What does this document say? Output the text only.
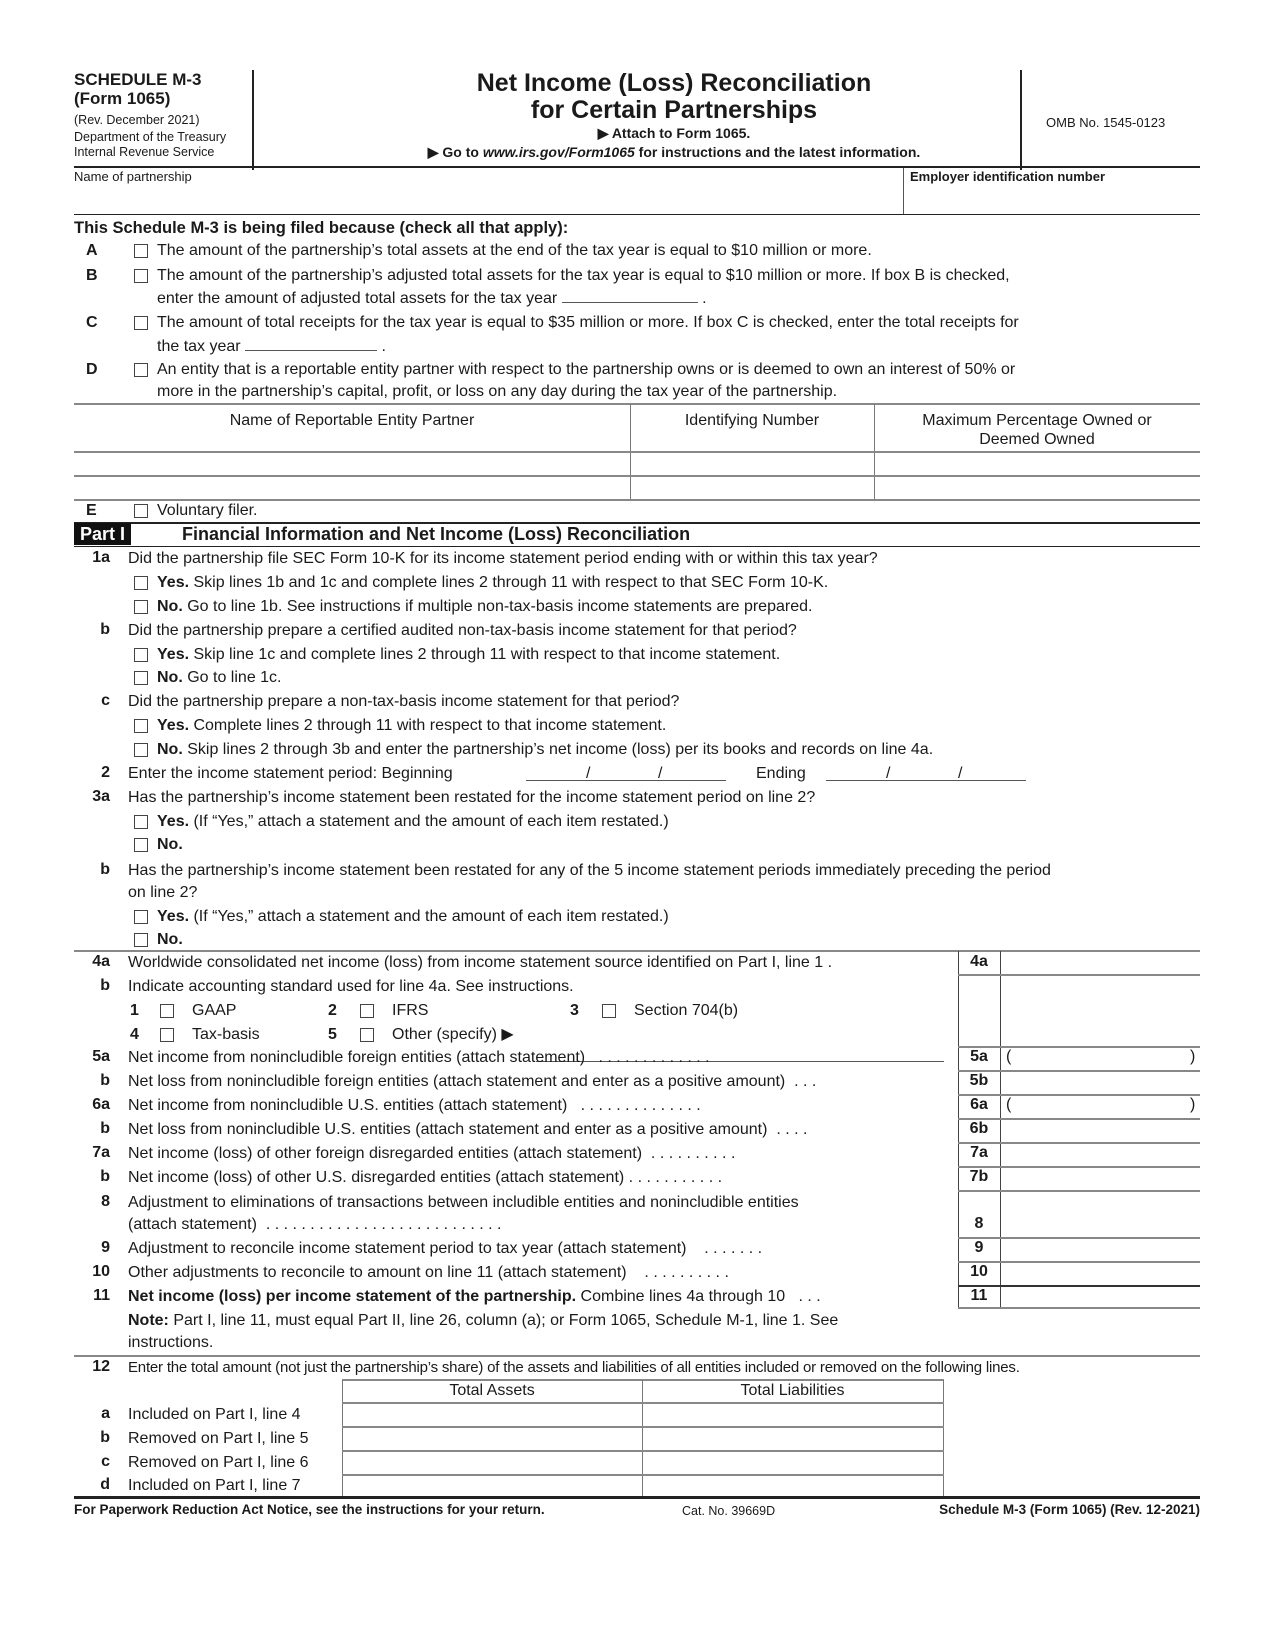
SCHEDULE M-3
(Form 1065)
(Rev. December 2021)
Department of the Treasury
Internal Revenue Service
Net Income (Loss) Reconciliation
for Certain Partnerships
▶ Attach to Form 1065.
▶ Go to www.irs.gov/Form1065 for instructions and the latest information.
OMB No. 1545-0123
Name of partnership	Employer identification number
This Schedule M-3 is being filed because (check all that apply):
A	The amount of the partnership’s total assets at the end of the tax year is equal to $10 million or more.
B	The amount of the partnership’s adjusted total assets for the tax year is equal to $10 million or more. If box B is checked,
enter the amount of adjusted total assets for the tax year	.
C	The amount of total receipts for the tax year is equal to $35 million or more. If box C is checked, enter the total receipts for
the tax year	.
D	An entity that is a reportable entity partner with respect to the partnership owns or is deemed to own an interest of 50% or
more in the partnership’s capital, profit, or loss on any day during the tax year of the partnership.
Name of Reportable Entity Partner	Identifying Number	Maximum Percentage Owned or
Deemed Owned
E	Voluntary filer.
Part I	Financial Information and Net Income (Loss) Reconciliation
1a Did the partnership file SEC Form 10-K for its income statement period ending with or within this tax year?
Yes. Skip lines 1b and 1c and complete lines 2 through 11 with respect to that SEC Form 10-K.
No. Go to line 1b. See instructions if multiple non-tax-basis income statements are prepared.
b Did the partnership prepare a certified audited non-tax-basis income statement for that period?
Yes. Skip line 1c and complete lines 2 through 11 with respect to that income statement.
No. Go to line 1c.
c Did the partnership prepare a non-tax-basis income statement for that period?
Yes. Complete lines 2 through 11 with respect to that income statement.
No. Skip lines 2 through 3b and enter the partnership’s net income (loss) per its books and records on line 4a.
2 Enter the income statement period: Beginning	/	/	Ending	/	/
3a Has the partnership’s income statement been restated for the income statement period on line 2?
Yes. (If “Yes,” attach a statement and the amount of each item restated.)
No.
b Has the partnership’s income statement been restated for any of the 5 income statement periods immediately preceding the period
on line 2?
Yes. (If “Yes,” attach a statement and the amount of each item restated.)
No.
4a Worldwide consolidated net income (loss) from income statement source identified on Part I, line 1 .	4a
b Indicate accounting standard used for line 4a. See instructions.
1	GAAP	2	IFRS	3	Section 704(b)
4	Tax-basis	5	Other (specify) ▶
5a Net income from nonincludible foreign entities (attach statement) . . . . . . . . . . . . .	5a	(	)
b Net loss from nonincludible foreign entities (attach statement and enter as a positive amount) . . .	5b
6a Net income from nonincludible U.S. entities (attach statement) . . . . . . . . . . . . . .	6a	(	)
b Net loss from nonincludible U.S. entities (attach statement and enter as a positive amount) . . . .	6b
7a Net income (loss) of other foreign disregarded entities (attach statement) . . . . . . . . . .	7a
b Net income (loss) of other U.S. disregarded entities (attach statement) . . . . . . . . . . .	7b
8 Adjustment to eliminations of transactions between includible entities and nonincludible entities
(attach statement) . . . . . . . . . . . . . . . . . . . . . . . . . . .	8
9 Adjustment to reconcile income statement period to tax year (attach statement) . . . . . . .	9
10 Other adjustments to reconcile to amount on line 11 (attach statement) . . . . . . . . . .	10
11 Net income (loss) per income statement of the partnership. Combine lines 4a through 10 . . .	11
Note: Part I, line 11, must equal Part II, line 26, column (a); or Form 1065, Schedule M-1, line 1. See
instructions.
12 Enter the total amount (not just the partnership’s share) of the assets and liabilities of all entities included or removed on the following lines.
Total Assets	Total Liabilities
a Included on Part I, line 4
b Removed on Part I, line 5
c Removed on Part I, line 6
d Included on Part I, line 7
For Paperwork Reduction Act Notice, see the instructions for your return.	Cat. No. 39669D	Schedule M-3 (Form 1065) (Rev. 12-2021)
